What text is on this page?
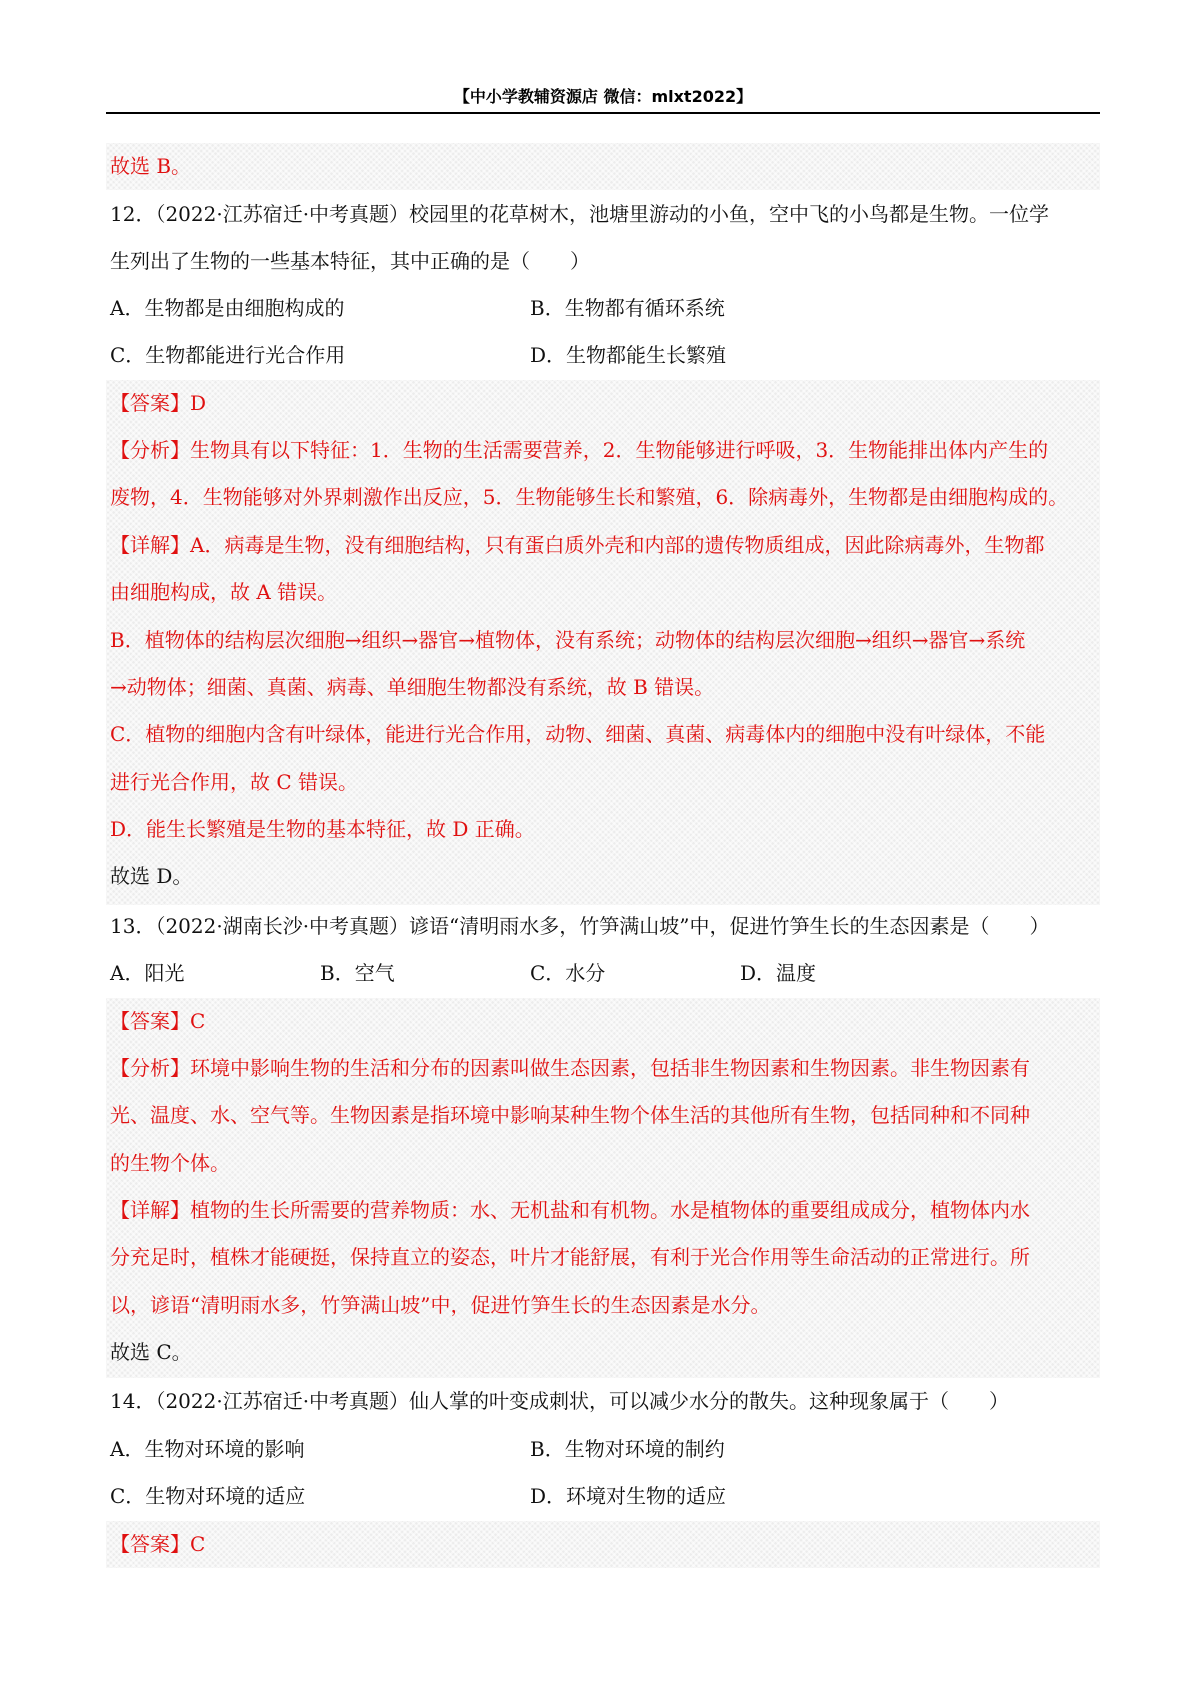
【中小学教辅资源店 微信：mlxt2022】
故选 B。
12．（2022·江苏宿迁·中考真题）校园里的花草树木，池塘里游动的小鱼，空中飞的小鸟都是生物。一位学
生列出了生物的一些基本特征，其中正确的是（　　）
A．生物都是由细胞构成的	B．生物都有循环系统
C．生物都能进行光合作用	D．生物都能生长繁殖
【答案】D
【分析】生物具有以下特征：1．生物的生活需要营养，2．生物能够进行呼吸，3．生物能排出体内产生的
废物，4．生物能够对外界刺激作出反应，5．生物能够生长和繁殖，6．除病毒外，生物都是由细胞构成的。
【详解】A．病毒是生物，没有细胞结构，只有蛋白质外壳和内部的遗传物质组成，因此除病毒外，生物都
由细胞构成，故 A 错误。
B．植物体的结构层次细胞→组织→器官→植物体，没有系统；动物体的结构层次细胞→组织→器官→系统
→动物体；细菌、真菌、病毒、单细胞生物都没有系统，故 B 错误。
C．植物的细胞内含有叶绿体，能进行光合作用，动物、细菌、真菌、病毒体内的细胞中没有叶绿体，不能
进行光合作用，故 C 错误。
D．能生长繁殖是生物的基本特征，故 D 正确。
故选 D。
13．（2022·湖南长沙·中考真题）谚语“清明雨水多，竹笋满山坡”中，促进竹笋生长的生态因素是（　　）
A．阳光	B．空气	C．水分	D．温度
【答案】C
【分析】环境中影响生物的生活和分布的因素叫做生态因素，包括非生物因素和生物因素。非生物因素有
光、温度、水、空气等。生物因素是指环境中影响某种生物个体生活的其他所有生物，包括同种和不同种
的生物个体。
【详解】植物的生长所需要的营养物质：水、无机盐和有机物。水是植物体的重要组成成分，植物体内水
分充足时，植株才能硬挺，保持直立的姿态，叶片才能舒展，有利于光合作用等生命活动的正常进行。所
以，谚语“清明雨水多，竹笋满山坡”中，促进竹笋生长的生态因素是水分。
故选 C。
14．（2022·江苏宿迁·中考真题）仙人掌的叶变成刺状，可以减少水分的散失。这种现象属于（　　）
A．生物对环境的影响	B．生物对环境的制约
C．生物对环境的适应	D．环境对生物的适应
【答案】C
